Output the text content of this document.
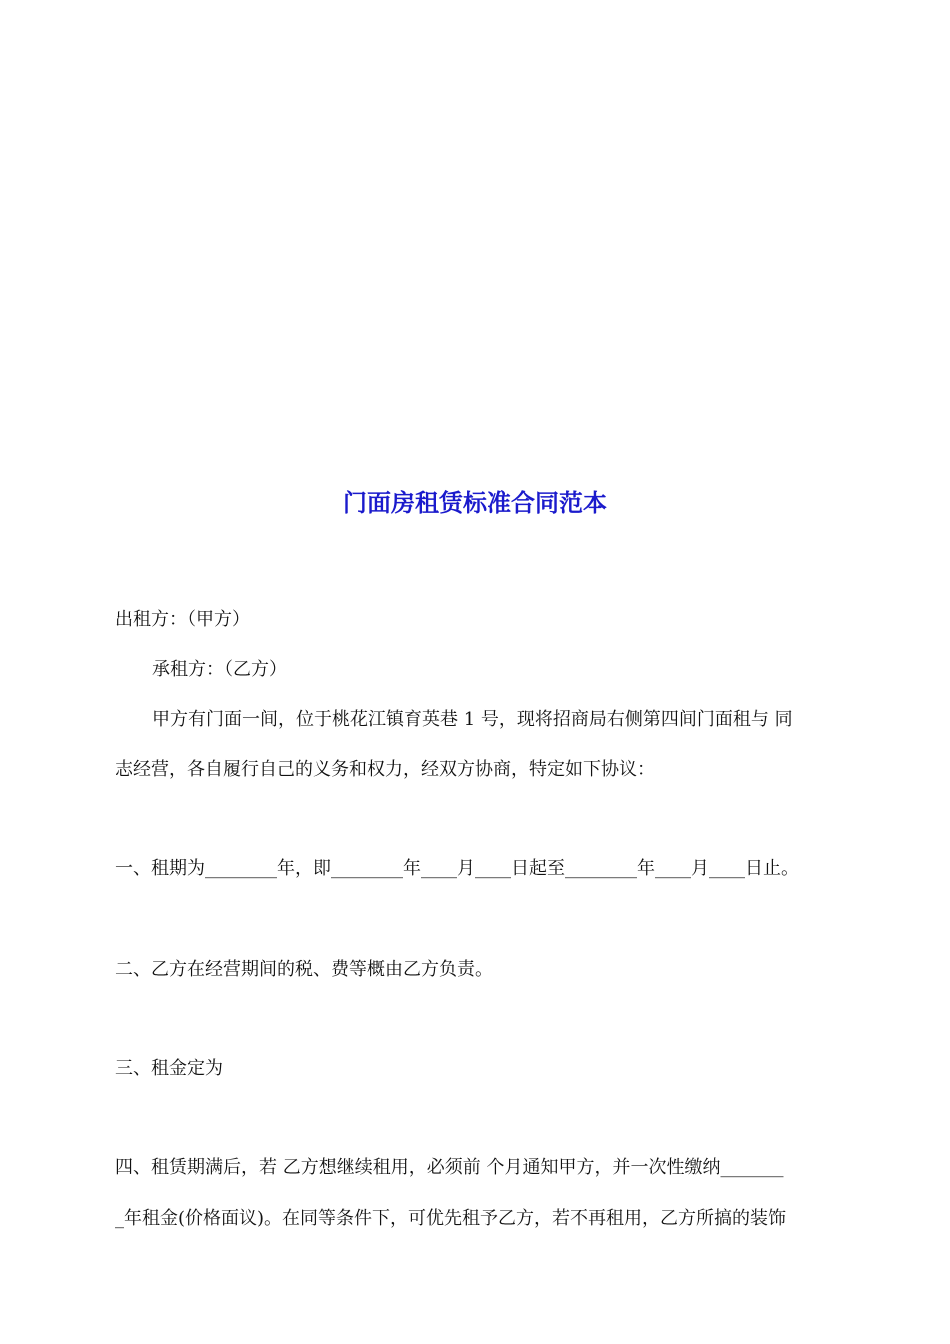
门面房租赁标准合同范本

出租方：（甲方）

承租方：（乙方）

甲方有门面一间，位于桃花江镇育英巷 1 号，现将招商局右侧第四间门面租与 同

志经营，各自履行自己的义务和权力，经双方协商，特定如下协议：

一、租期为________年，即________年____月____日起至________年____月____日止。

二、乙方在经营期间的税、费等概由乙方负责。

三、租金定为

四、租赁期满后，若 乙方想继续租用，必须前 个月通知甲方，并一次性缴纳_______

_年租金(价格面议)。在同等条件下，可优先租予乙方，若不再租用，乙方所搞的装饰
